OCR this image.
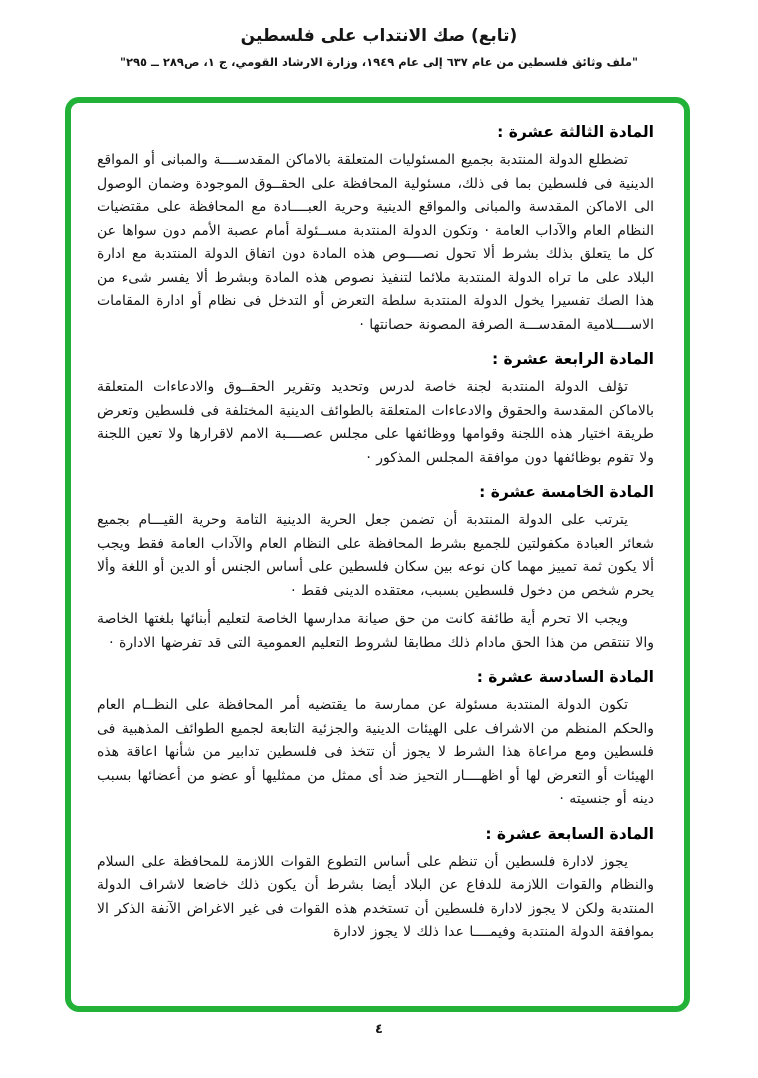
(تابع) صك الانتداب على فلسطين
"ملف وثائق فلسطين من عام ٦٣٧ إلى عام ١٩٤٩، وزارة الارشاد القومي، ج ١، ص٢٨٩ ــ ٢٩٥"
المادة الثالثة عشرة :

تضطلع الدولة المنتدبة بجميع المسئوليات المتعلقة بالاماكن المقدســــة والمبانى أو المواقع الدينية فى فلسطين بما فى ذلك، مسئولية المحافظة على الحقــوق الموجودة وضمان الوصول الى الاماكن المقدسة والمبانى والمواقع الدينية وحرية العبــــادة مع المحافظة على مقتضيات النظام العام والآداب العامة · وتكون الدولة المنتدبة مســئولة أمام عصبة الأمم دون سواها عن كل ما يتعلق بذلك بشرط ألا تحول نصــــوص هذه المادة دون اتفاق الدولة المنتدبة مع ادارة البلاد على ما تراه الدولة المنتدبة ملائما لتنفيذ نصوص هذه المادة وبشرط ألا يفسر شىء من هذا الصك تفسيرا يخول الدولة المنتدبة سلطة التعرض أو التدخل فى نظام أو ادارة المقامات الاســــلامية المقدســـة الصرفة المصونة حصانتها ·

المادة الرابعة عشرة :

تؤلف الدولة المنتدبة لجنة خاصة لدرس وتحديد وتقرير الحقــوق والادعاءات المتعلقة بالاماكن المقدسة والحقوق والادعاءات المتعلقة بالطوائف الدينية المختلفة فى فلسطين وتعرض طريقة اختيار هذه اللجنة وقوامها ووظائفها على مجلس عصــــبة الامم لاقرارها ولا تعين اللجنة ولا تقوم بوظائفها دون موافقة المجلس المذكور ·

المادة الخامسة عشرة :

يترتب على الدولة المنتدبة أن تضمن جعل الحرية الدينية التامة وحرية القيـــام بجميع شعائر العبادة مكفولتين للجميع بشرط المحافظة على النظام العام والآداب العامة فقط ويجب ألا يكون ثمة تمييز مهما كان نوعه بين سكان فلسطين على أساس الجنس أو الدين أو اللغة وألا يحرم شخص من دخول فلسطين بسبب، معتقده الدينى فقط ·

ويجب الا تحرم أية طائفة كانت من حق صيانة مدارسها الخاصة لتعليم أبنائها بلغتها الخاصة والا تنتقص من هذا الحق مادام ذلك مطابقا لشروط التعليم العمومية التى قد تفرضها الادارة ·

المادة السادسة عشرة :

تكون الدولة المنتدبة مسئولة عن ممارسة ما يقتضيه أمر المحافظة على النظــام العام والحكم المنظم من الاشراف على الهيئات الدينية والجزئية التابعة لجميع الطوائف المذهبية فى فلسطين ومع مراعاة هذا الشرط لا يجوز أن تتخذ فى فلسطين تدابير من شأنها اعاقة هذه الهيئات أو التعرض لها أو اظهــــار التحيز ضد أى ممثل من ممثليها أو عضو من أعضائها بسبب دينه أو جنسيته ·

المادة السابعة عشرة :

يجوز لادارة فلسطين أن تنظم على أساس التطوع القوات اللازمة للمحافظة على السلام والنظام والقوات اللازمة للدفاع عن البلاد أيضا بشرط أن يكون ذلك خاضعا لاشراف الدولة المنتدبة ولكن لا يجوز لادارة فلسطين أن تستخدم هذه القوات فى غير الاغراض الآنفة الذكر الا بموافقة الدولة المنتدبة وفيمــــا عدا ذلك لا يجوز لادارة

٤
